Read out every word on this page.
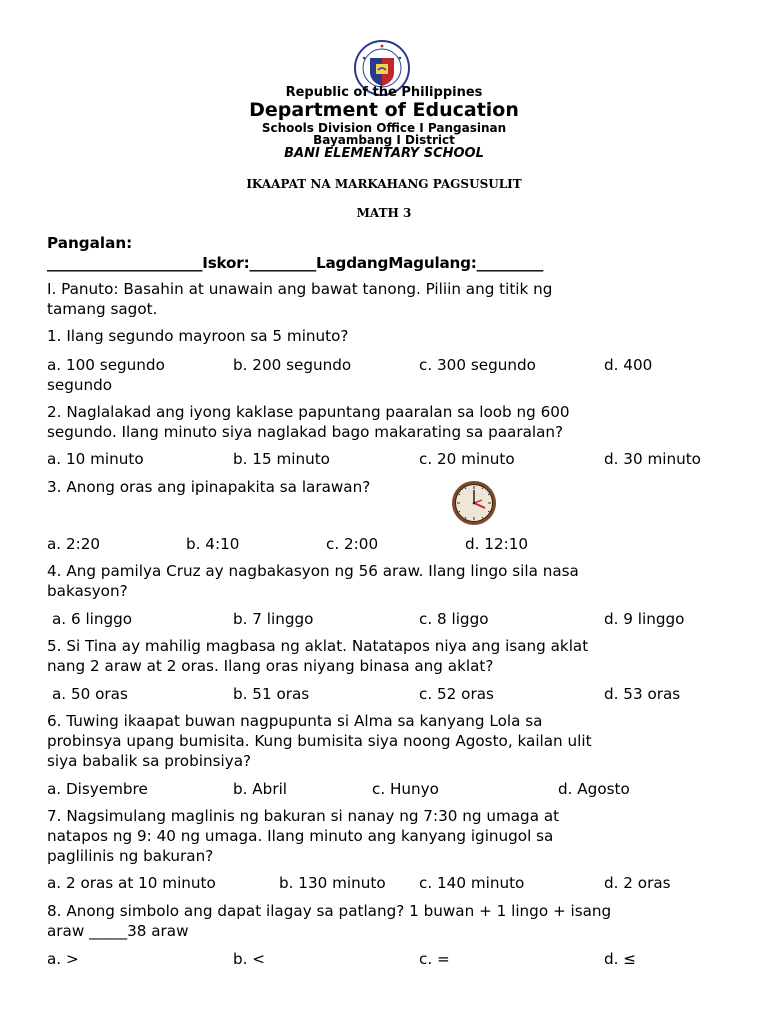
Republic of the Philippines
Department of Education
Schools Division Office I Pangasinan
Bayambang I District
BANI ELEMENTARY SCHOOL
IKAAPAT NA MARKAHANG PAGSUSULIT
MATH 3
Pangalan:
_____________________Iskor:_________LagdangMagulang:_________
I. Panuto: Basahin at unawain ang bawat tanong. Piliin ang titik ng
tamang sagot.
1. Ilang segundo mayroon sa 5 minuto?
a. 100 segundo	b. 200 segundo	c. 300 segundo	d. 400
segundo
2. Naglalakad ang iyong kaklase papuntang paaralan sa loob ng 600
segundo. Ilang minuto siya naglakad bago makarating sa paaralan?
a. 10 minuto	b. 15 minuto	c. 20 minuto	d. 30 minuto
3. Anong oras ang ipinapakita sa larawan?
a. 2:20	b. 4:10	c. 2:00	d. 12:10
4. Ang pamilya Cruz ay nagbakasyon ng 56 araw. Ilang lingo sila nasa
bakasyon?
a. 6 linggo	b. 7 linggo	c. 8 liggo	d. 9 linggo
5. Si Tina ay mahilig magbasa ng aklat. Natatapos niya ang isang aklat
nang 2 araw at 2 oras. Ilang oras niyang binasa ang aklat?
a. 50 oras	b. 51 oras	c. 52 oras	d. 53 oras
6. Tuwing ikaapat buwan nagpupunta si Alma sa kanyang Lola sa
probinsya upang bumisita. Kung bumisita siya noong Agosto, kailan ulit
siya babalik sa probinsiya?
a. Disyembre	b. Abril	c. Hunyo	d. Agosto
7. Nagsimulang maglinis ng bakuran si nanay ng 7:30 ng umaga at
natapos ng 9: 40 ng umaga. Ilang minuto ang kanyang iginugol sa
paglilinis ng bakuran?
a. 2 oras at 10 minuto	b. 130 minuto c. 140 minuto	d. 2 oras
8. Anong simbolo ang dapat ilagay sa patlang? 1 buwan + 1 lingo + isang
araw _____38 araw
a. >	b. <	c. =	d. ≤
